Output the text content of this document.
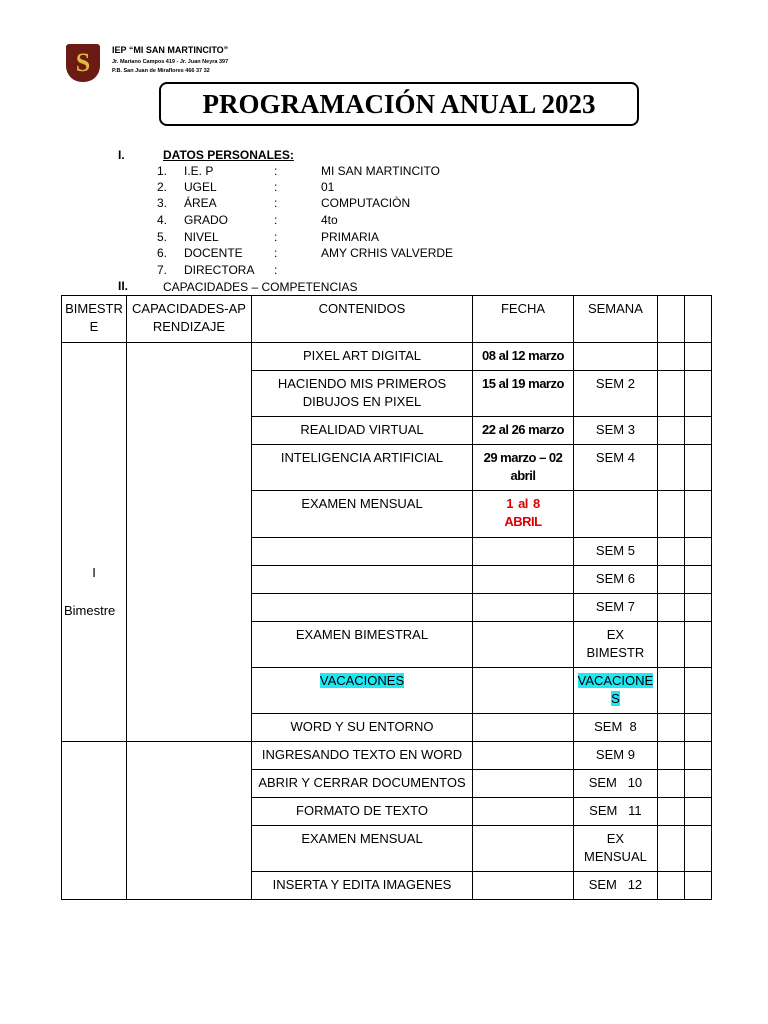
S IEP “MI SAN MARTINCITO”
Jr. Mariano Campos 419 - Jr. Juan Neyra 397
P.B. San Juan de Miraflores 466 37 32
PROGRAMACIÓN ANUAL 2023
I.	DATOS PERSONALES:
1. I.E. P	:	MI SAN MARTINCITO
2. UGEL	:	01
3. ÁREA	:	COMPUTACIÒN
4. GRADO	:	4to
5. NIVEL	:	PRIMARIA
6. DOCENTE	:	AMY CRHIS VALVERDE
7. DIRECTORA :
II.	CAPACIDADES – COMPETENCIAS
BIMESTRE	CAPACIDADES-APRENDIZAJE	CONTENIDOS	FECHA	SEMANA		

I
Bimestre		PIXEL ART DIGITAL	08 al 12 marzo			
		HACIENDO MIS PRIMEROS DIBUJOS EN PIXEL	15 al 19 marzo	SEM 2		
		REALIDAD VIRTUAL	22 al 26 marzo	SEM 3		
		INTELIGENCIA ARTIFICIAL	29 marzo – 02 abril	SEM 4		
		EXAMEN MENSUAL	1 al 8 ABRIL			
				SEM 5		
				SEM 6		
				SEM 7		
		EXAMEN BIMESTRAL		EX BIMESTR		
		VACACIONES		VACACIONES		
		WORD Y SU ENTORNO		SEM  8		
		INGRESANDO TEXTO EN WORD		SEM 9		
		ABRIR Y CERRAR DOCUMENTOS		SEM   10		
		FORMATO DE TEXTO		SEM   11		
		EXAMEN MENSUAL		EX MENSUAL		
		INSERTA Y EDITA IMAGENES		SEM   12		
